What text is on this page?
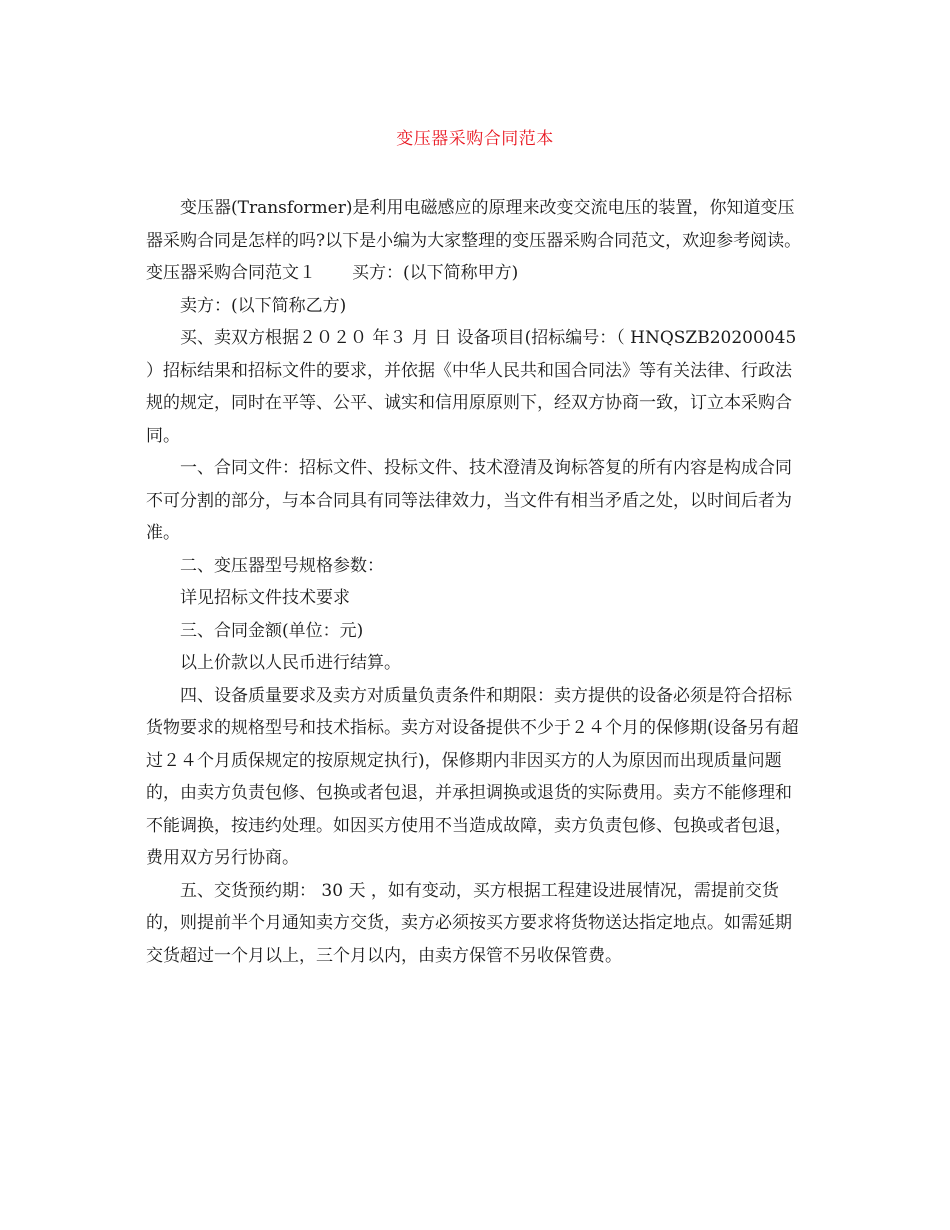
变压器采购合同范本

变压器(Transformer)是利用电磁感应的原理来改变交流电压的装置，你知道变压器采购合同是怎样的吗?以下是小编为大家整理的变压器采购合同范文，欢迎参考阅读。

变压器采购合同范文１ 买方：(以下简称甲方)

卖方：(以下简称乙方)

买、卖双方根据２０２０ 年３ 月 日 设备项目(招标编号：（ HNQSZB20200045 ）招标结果和招标文件的要求，并依据《中华人民共和国合同法》等有关法律、行政法规的规定，同时在平等、公平、诚实和信用原原则下，经双方协商一致，订立本采购合同。

一、合同文件：招标文件、投标文件、技术澄清及询标答复的所有内容是构成合同不可分割的部分，与本合同具有同等法律效力，当文件有相当矛盾之处，以时间后者为准。

二、变压器型号规格参数：

详见招标文件技术要求

三、合同金额(单位：元)

以上价款以人民币进行结算。

四、设备质量要求及卖方对质量负责条件和期限：卖方提供的设备必须是符合招标货物要求的规格型号和技术指标。卖方对设备提供不少于２４个月的保修期(设备另有超过２４个月质保规定的按原规定执行)，保修期内非因买方的人为原因而出现质量问题的，由卖方负责包修、包换或者包退，并承担调换或退货的实际费用。卖方不能修理和不能调换，按违约处理。如因买方使用不当造成故障，卖方负责包修、包换或者包退，费用双方另行协商。

五、交货预约期： 30 天 ，如有变动，买方根据工程建设进展情况，需提前交货的，则提前半个月通知卖方交货，卖方必须按买方要求将货物送达指定地点。如需延期交货超过一个月以上，三个月以内，由卖方保管不另收保管费。
